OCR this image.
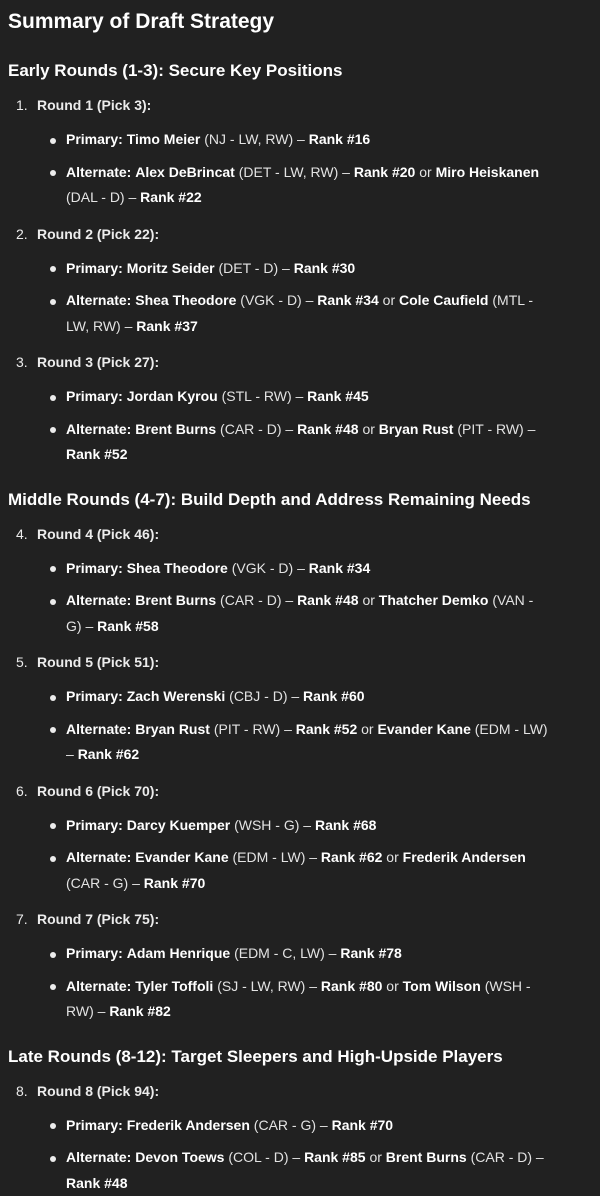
Summary of Draft Strategy
Early Rounds (1-3): Secure Key Positions
1. Round 1 (Pick 3):
Primary: Timo Meier (NJ - LW, RW) – Rank #16
Alternate: Alex DeBrincat (DET - LW, RW) – Rank #20 or Miro Heiskanen (DAL - D) – Rank #22
2. Round 2 (Pick 22):
Primary: Moritz Seider (DET - D) – Rank #30
Alternate: Shea Theodore (VGK - D) – Rank #34 or Cole Caufield (MTL - LW, RW) – Rank #37
3. Round 3 (Pick 27):
Primary: Jordan Kyrou (STL - RW) – Rank #45
Alternate: Brent Burns (CAR - D) – Rank #48 or Bryan Rust (PIT - RW) – Rank #52
Middle Rounds (4-7): Build Depth and Address Remaining Needs
4. Round 4 (Pick 46):
Primary: Shea Theodore (VGK - D) – Rank #34
Alternate: Brent Burns (CAR - D) – Rank #48 or Thatcher Demko (VAN - G) – Rank #58
5. Round 5 (Pick 51):
Primary: Zach Werenski (CBJ - D) – Rank #60
Alternate: Bryan Rust (PIT - RW) – Rank #52 or Evander Kane (EDM - LW) – Rank #62
6. Round 6 (Pick 70):
Primary: Darcy Kuemper (WSH - G) – Rank #68
Alternate: Evander Kane (EDM - LW) – Rank #62 or Frederik Andersen (CAR - G) – Rank #70
7. Round 7 (Pick 75):
Primary: Adam Henrique (EDM - C, LW) – Rank #78
Alternate: Tyler Toffoli (SJ - LW, RW) – Rank #80 or Tom Wilson (WSH - RW) – Rank #82
Late Rounds (8-12): Target Sleepers and High-Upside Players
8. Round 8 (Pick 94):
Primary: Frederik Andersen (CAR - G) – Rank #70
Alternate: Devon Toews (COL - D) – Rank #85 or Brent Burns (CAR - D) – Rank #48
